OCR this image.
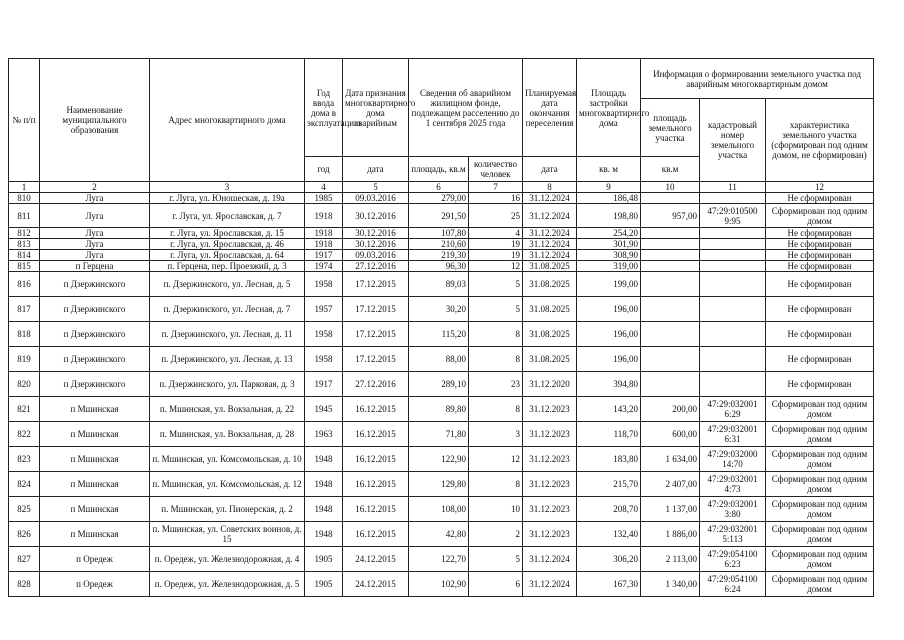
№ п/п	Наименование муниципального образования	Адрес многоквартирного дома	Год ввода дома в эксплуатацию	Дата признания многоквартирного дома аварийным	Сведения об аварийном жилищном фонде, подлежащем расселению до 1 сентября 2025 года		Планируемая дата окончания переселения	Площадь застройки многоквартирного дома	Информация о формировании земельного участка под аварийным многоквартирным домом		
									площадь земельного участка	кадастровый номер земельного участка	характеристика земельного участка (сформирован под одним домом, не сформирован)
			год	дата	площадь, кв.м	количество человек	дата	кв. м	кв.м		
1	2	3	4	5	6	7	8	9	10	11	12
810	Луга	г. Луга, ул. Юношеская, д. 19а	1985	09.03.2016	279,00	16	31.12.2024	186,48			Не сформирован
811	Луга	г. Луга, ул. Ярославская, д. 7	1918	30.12.2016	291,50	25	31.12.2024	198,80	957,00	47:29:010500 9:95	Сформирован под одним домом
812	Луга	г. Луга, ул. Ярославская, д. 15	1918	30.12.2016	107,80	4	31.12.2024	254,20			Не сформирован
813	Луга	г. Луга, ул. Ярославская, д. 46	1918	30.12.2016	210,60	19	31.12.2024	301,90			Не сформирован
814	Луга	г. Луга, ул. Ярославская, д. 64	1917	09.03.2016	219,30	19	31.12.2024	308,90			Не сформирован
815	п Герцена	п. Герцена, пер. Проезжий, д. 3	1974	27.12.2016	96,30	12	31.08.2025	319,00			Не сформирован
816	п Дзержинского	п. Дзержинского, ул. Лесная, д. 5	1958	17.12.2015	89,03	5	31.08.2025	199,00			Не сформирован
817	п Дзержинского	п. Дзержинского, ул. Лесная, д. 7	1957	17.12.2015	30,20	5	31.08.2025	196,00			Не сформирован
818	п Дзержинского	п. Дзержинского, ул. Лесная, д. 11	1958	17.12.2015	115,20	8	31.08.2025	196,00			Не сформирован
819	п Дзержинского	п. Дзержинского, ул. Лесная, д. 13	1958	17.12.2015	88,00	8	31.08.2025	196,00			Не сформирован
820	п Дзержинского	п. Дзержинского, ул. Парковая, д. 3	1917	27.12.2016	289,10	23	31.12.2020	394,80			Не сформирован
821	п Мшинская	п. Мшинская, ул. Вокзальная, д. 22	1945	16.12.2015	89,80	8	31.12.2023	143,20	200,00	47:29:032001 6:29	Сформирован под одним домом
822	п Мшинская	п. Мшинская, ул. Вокзальная, д. 28	1963	16.12.2015	71,80	3	31.12.2023	118,70	600,00	47:29:032001 6:31	Сформирован под одним домом
823	п Мшинская	п. Мшинская, ул. Комсомольская, д. 10	1948	16.12.2015	122,90	12	31.12.2023	183,80	1 634,00	47:29:032000 14:70	Сформирован под одним домом
824	п Мшинская	п. Мшинская, ул. Комсомольская, д. 12	1948	16.12.2015	129,80	8	31.12.2023	215,70	2 407,00	47:29:032001 4:73	Сформирован под одним домом
825	п Мшинская	п. Мшинская, ул. Пионерская, д. 2	1948	16.12.2015	108,00	10	31.12.2023	208,70	1 137,00	47:29:032001 3:80	Сформирован под одним домом
826	п Мшинская	п. Мшинская, ул. Советских воинов, д. 15	1948	16.12.2015	42,80	2	31.12.2023	132,40	1 886,00	47:29:032001 5:113	Сформирован под одним домом
827	п Оредеж	п. Оредеж, ул. Железнодорожная, д. 4	1905	24.12.2015	122,70	5	31.12.2024	306,20	2 113,00	47:29:054100 6:23	Сформирован под одним домом
828	п Оредеж	п. Оредеж, ул. Железнодорожная, д. 5	1905	24.12.2015	102,90	6	31.12.2024	167,30	1 340,00	47:29:054100 6:24	Сформирован под одним домом
